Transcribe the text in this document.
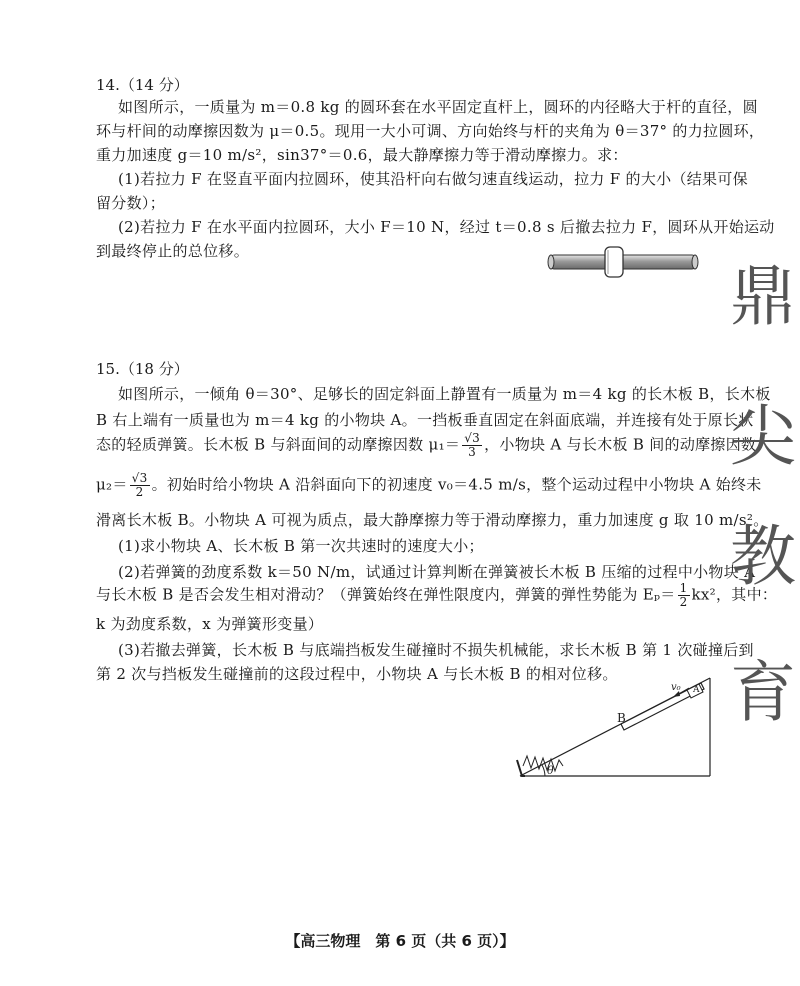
14.（14 分）
如图所示，一质量为 m＝0.8 kg 的圆环套在水平固定直杆上，圆环的内径略大于杆的直径，圆
环与杆间的动摩擦因数为 μ＝0.5。现用一大小可调、方向始终与杆的夹角为 θ＝37° 的力拉圆环，
重力加速度 g＝10 m/s²，sin37°＝0.6，最大静摩擦力等于滑动摩擦力。求：
(1)若拉力 F 在竖直平面内拉圆环，使其沿杆向右做匀速直线运动，拉力 F 的大小（结果可保
留分数）；
(2)若拉力 F 在水平面内拉圆环，大小 F＝10 N，经过 t＝0.8 s 后撤去拉力 F，圆环从开始运动
到最终停止的总位移。
15.（18 分）
如图所示，一倾角 θ＝30°、足够长的固定斜面上静置有一质量为 m＝4 kg 的长木板 B，长木板
B 右上端有一质量也为 m＝4 kg 的小物块 A。一挡板垂直固定在斜面底端，并连接有处于原长状
态的轻质弹簧。长木板 B 与斜面间的动摩擦因数 $\mu_1= \frac{√3}{3}$ ，小物块 A 与长木板 B 间的动摩擦因数
$\mu_2= \frac{√3}{2}$ 。初始时给小物块 A 沿斜面向下的初速度 v₀＝4.5 m/s，整个运动过程中小物块 A 始终未
滑离长木板 B。小物块 A 可视为质点，最大静摩擦力等于滑动摩擦力，重力加速度 g 取 10 m/s²。
(1)求小物块 A、长木板 B 第一次共速时的速度大小；
(2)若弹簧的劲度系数 k＝50 N/m，试通过计算判断在弹簧被长木板 B 压缩的过程中小物块 A
与长木板 B 是否会发生相对滑动？（弹簧始终在弹性限度内，弹簧的弹性势能为 $E_p= \frac{1}{2} kx^2$，其中：
k 为劲度系数，x 为弹簧形变量）
(3)若撤去弹簧，长木板 B 与底端挡板发生碰撞时不损失机械能，求长木板 B 第 1 次碰撞后到
第 2 次与挡板发生碰撞前的这段过程中，小物块 A 与长木板 B 的相对位移。
B
A
v₀
θ
鼎
尖
教
育
【高三物理　第 6 页（共 6 页）】
